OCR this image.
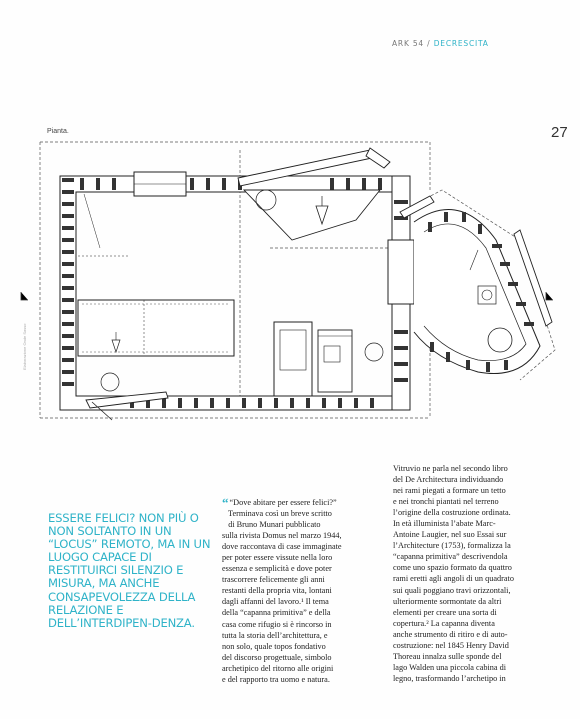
ARK 54 / DECRESCITA
27
Pianta.
Elaborazione Onde Sasso
ESSERE FELICI? NON PIÙ O NON SOLTANTO IN UN “LOCUS” REMOTO, MA IN UN LUOGO CAPACE DI RESTITUIRCI SILENZIO E MISURA, MA ANCHE CONSAPEVOLEZZA DELLA RELAZIONE E DELL’INTERDIPEN-DENZA.
““Dove abitare per essere felici?”
Terminava così un breve scritto
di Bruno Munari pubblicato
sulla rivista Domus nel marzo 1944,
dove raccontava di case immaginate
per poter essere vissute nella loro
essenza e semplicità e dove poter
trascorrere felicemente gli anni
restanti della propria vita, lontani
dagli affanni del lavoro.¹ Il tema
della “capanna primitiva” e della
casa come rifugio si è rincorso in
tutta la storia dell’architettura, e
non solo, quale topos fondativo
del discorso progettuale, simbolo
archetipico del ritorno alle origini
e del rapporto tra uomo e natura.
Vitruvio ne parla nel secondo libro
del De Architectura individuando
nei rami piegati a formare un tetto
e nei tronchi piantati nel terreno
l’origine della costruzione ordinata.
In età illuminista l’abate Marc-
Antoine Laugier, nel suo Essai sur
l’Architecture (1753), formalizza la
“capanna primitiva” descrivendola
come uno spazio formato da quattro
rami eretti agli angoli di un quadrato
sui quali poggiano travi orizzontali,
ulteriormente sormontate da altri
elementi per creare una sorta di
copertura.² La capanna diventa
anche strumento di ritiro e di auto-
costruzione: nel 1845 Henry David
Thoreau innalza sulle sponde del
lago Walden una piccola cabina di
legno, trasformando l’archetipo in
